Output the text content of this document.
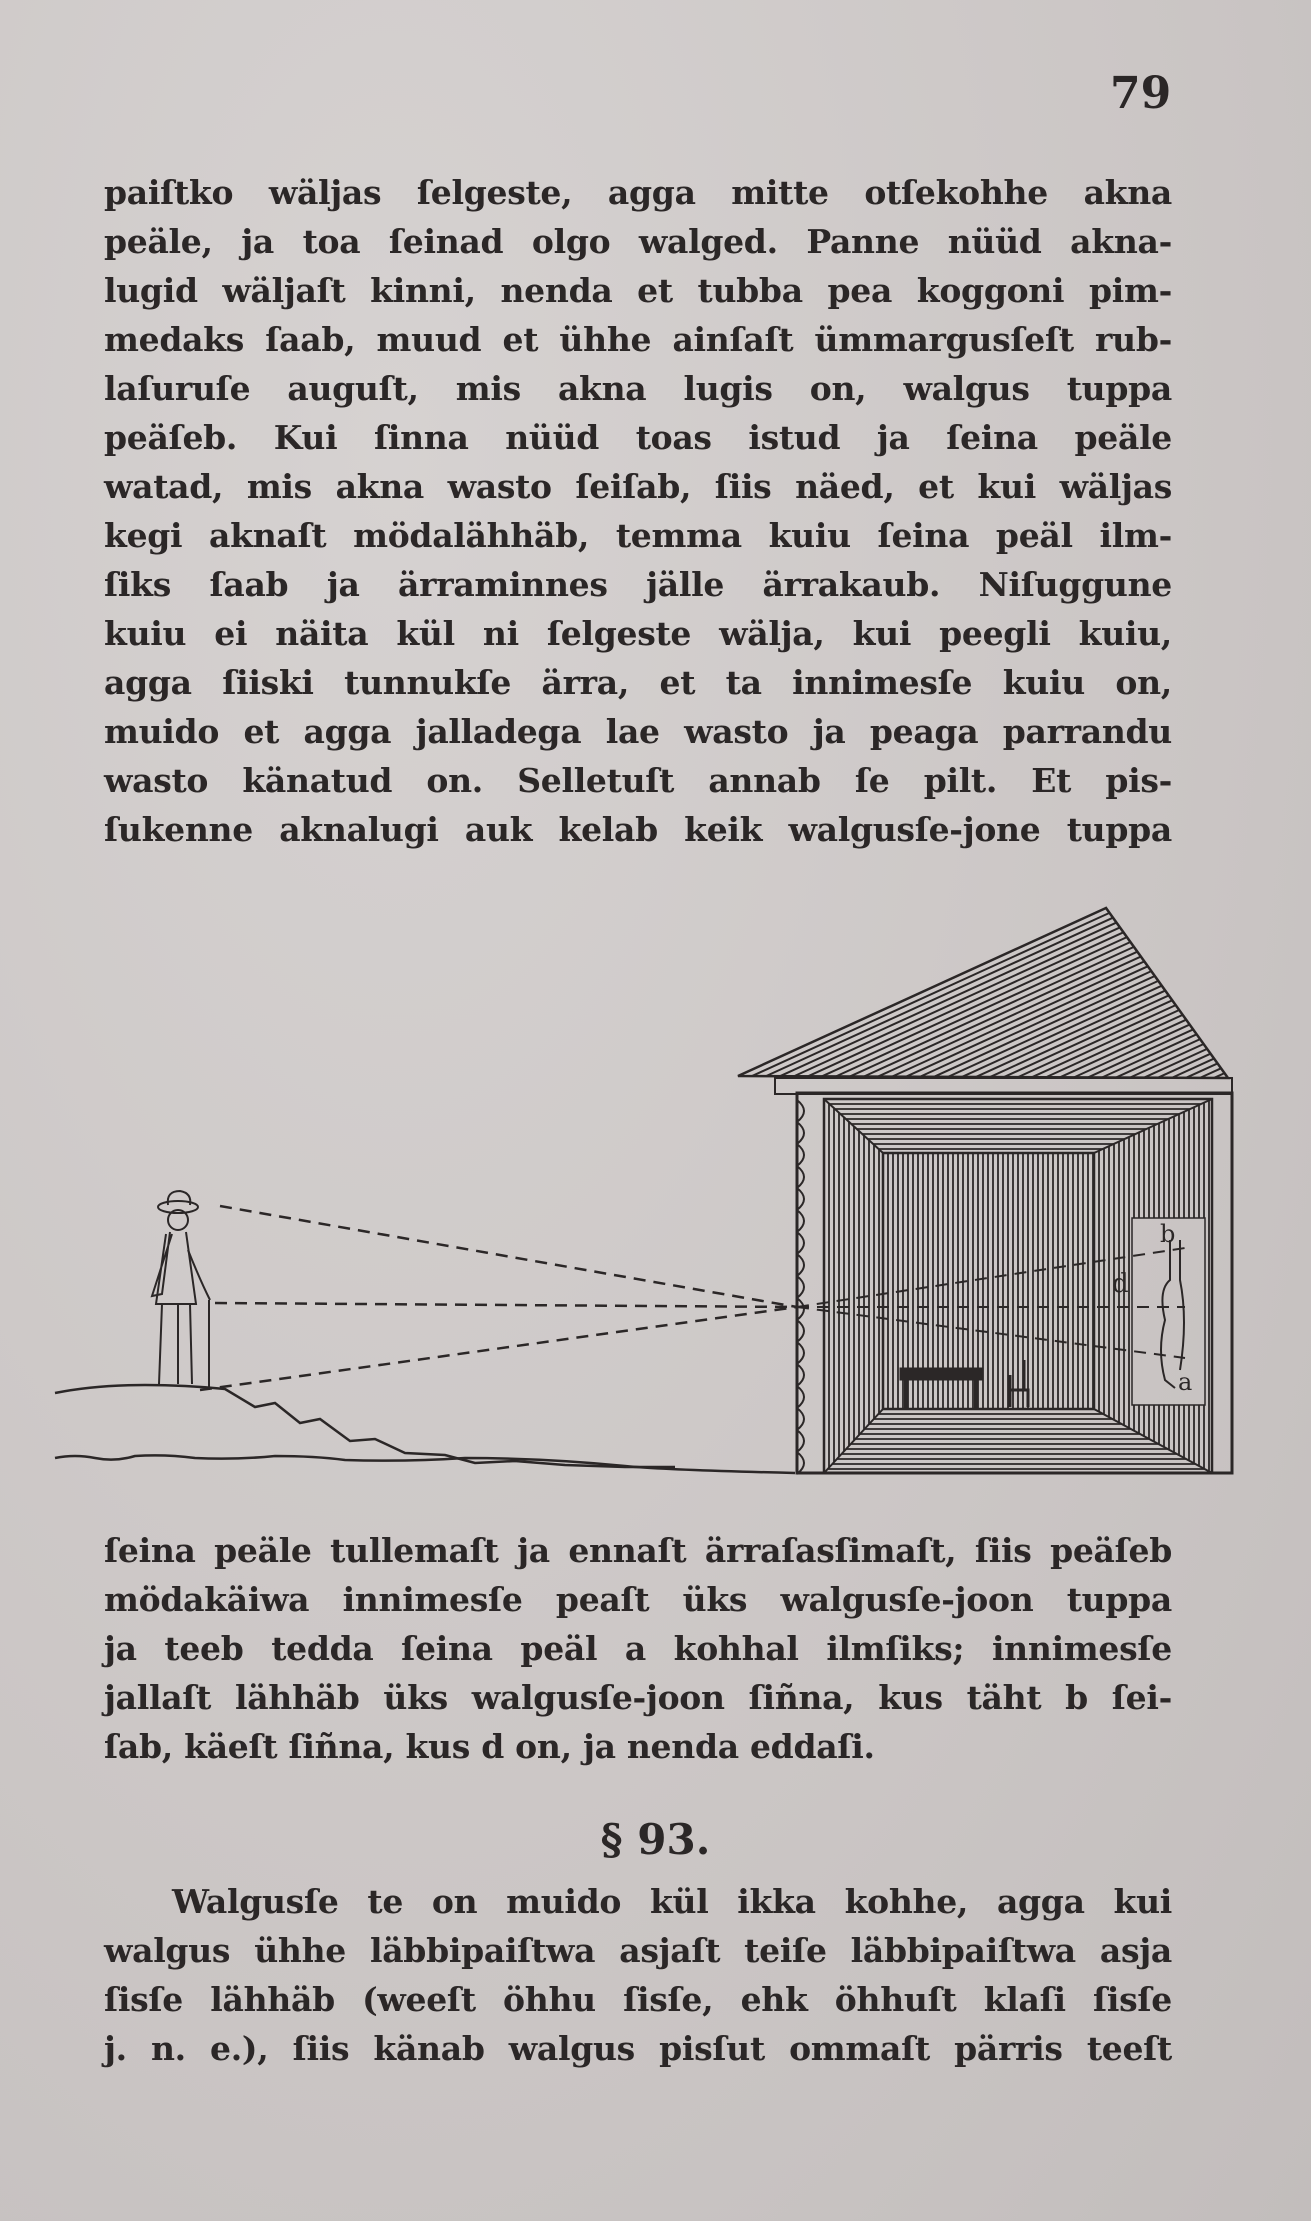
79
paiſtko wäljas ſelgeste, agga mitte otſekohhe akna
peäle, ja toa ſeinad olgo walged. Panne nüüd akna-
lugid wäljaſt kinni, nenda et tubba pea koggoni pim-
medaks ſaab, muud et ühhe ainſaſt ümmargusſeſt rub-
laſuruſe auguſt, mis akna lugis on, walgus tuppa
peäſeb. Kui ſinna nüüd toas istud ja ſeina peäle
watad, mis akna wasto ſeiſab, ſiis näed, et kui wäljas
kegi aknaſt mödalähhäb, temma kuiu ſeina peäl ilm-
ſiks ſaab ja ärraminnes jälle ärrakaub. Niſuggune
kuiu ei näita kül ni ſelgeste wälja, kui peegli kuiu,
agga ſiiski tunnukſe ärra, et ta innimesſe kuiu on,
muido et agga jalladega lae wasto ja peaga parrandu
wasto känatud on. Selletuſt annab ſe pilt. Et pis-
ſukenne aknalugi auk kelab keik walgusſe-jone tuppa
b
d
a
ſeina peäle tullemaſt ja ennaſt ärraſasſimaſt, ſiis peäſeb
mödakäiwa innimesſe peaſt üks walgusſe-joon tuppa
ja teeb tedda ſeina peäl a kohhal ilmſiks; innimesſe
jallaſt lähhäb üks walgusſe-joon ſiñna, kus täht b ſei-
ſab, käeſt ſiñna, kus d on, ja nenda eddaſi.
§ 93.
Walgusſe te on muido kül ikka kohhe, agga kui
walgus ühhe läbbipaiſtwa asjaſt teiſe läbbipaiſtwa asja
ſisſe lähhäb (weeſt öhhu ſisſe, ehk öhhuſt klaſi ſisſe
j. n. e.), ſiis känab walgus pisſut ommaſt pärris teeſt
